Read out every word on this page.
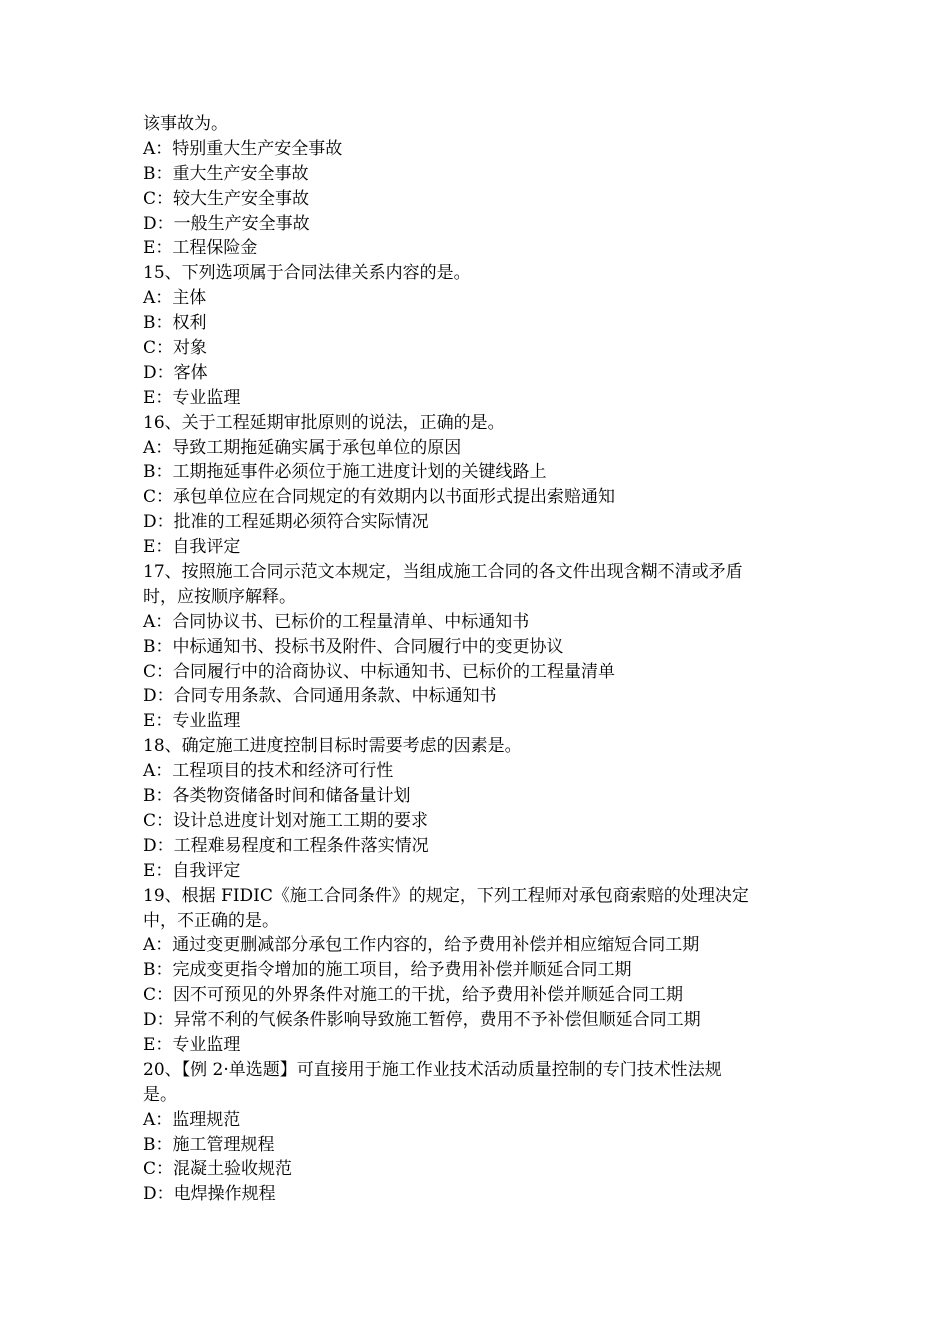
该事故为。
A：特别重大生产安全事故
B：重大生产安全事故
C：较大生产安全事故
D：一般生产安全事故
E：工程保险金
15、下列选项属于合同法律关系内容的是。
A：主体
B：权利
C：对象
D：客体
E：专业监理
16、关于工程延期审批原则的说法，正确的是。
A：导致工期拖延确实属于承包单位的原因
B：工期拖延事件必须位于施工进度计划的关键线路上
C：承包单位应在合同规定的有效期内以书面形式提出索赔通知
D：批准的工程延期必须符合实际情况
E：自我评定
17、按照施工合同示范文本规定，当组成施工合同的各文件出现含糊不清或矛盾
时，应按顺序解释。
A：合同协议书、已标价的工程量清单、中标通知书
B：中标通知书、投标书及附件、合同履行中的变更协议
C：合同履行中的洽商协议、中标通知书、已标价的工程量清单
D：合同专用条款、合同通用条款、中标通知书
E：专业监理
18、确定施工进度控制目标时需要考虑的因素是。
A：工程项目的技术和经济可行性
B：各类物资储备时间和储备量计划
C：设计总进度计划对施工工期的要求
D：工程难易程度和工程条件落实情况
E：自我评定
19、根据 FIDIC《施工合同条件》的规定，下列工程师对承包商索赔的处理决定
中，不正确的是。
A：通过变更删减部分承包工作内容的，给予费用补偿并相应缩短合同工期
B：完成变更指令增加的施工项目，给予费用补偿并顺延合同工期
C：因不可预见的外界条件对施工的干扰，给予费用补偿并顺延合同工期
D：异常不利的气候条件影响导致施工暂停，费用不予补偿但顺延合同工期
E：专业监理
20、【例 2·单选题】可直接用于施工作业技术活动质量控制的专门技术性法规
是。
A：监理规范
B：施工管理规程
C：混凝土验收规范
D：电焊操作规程
